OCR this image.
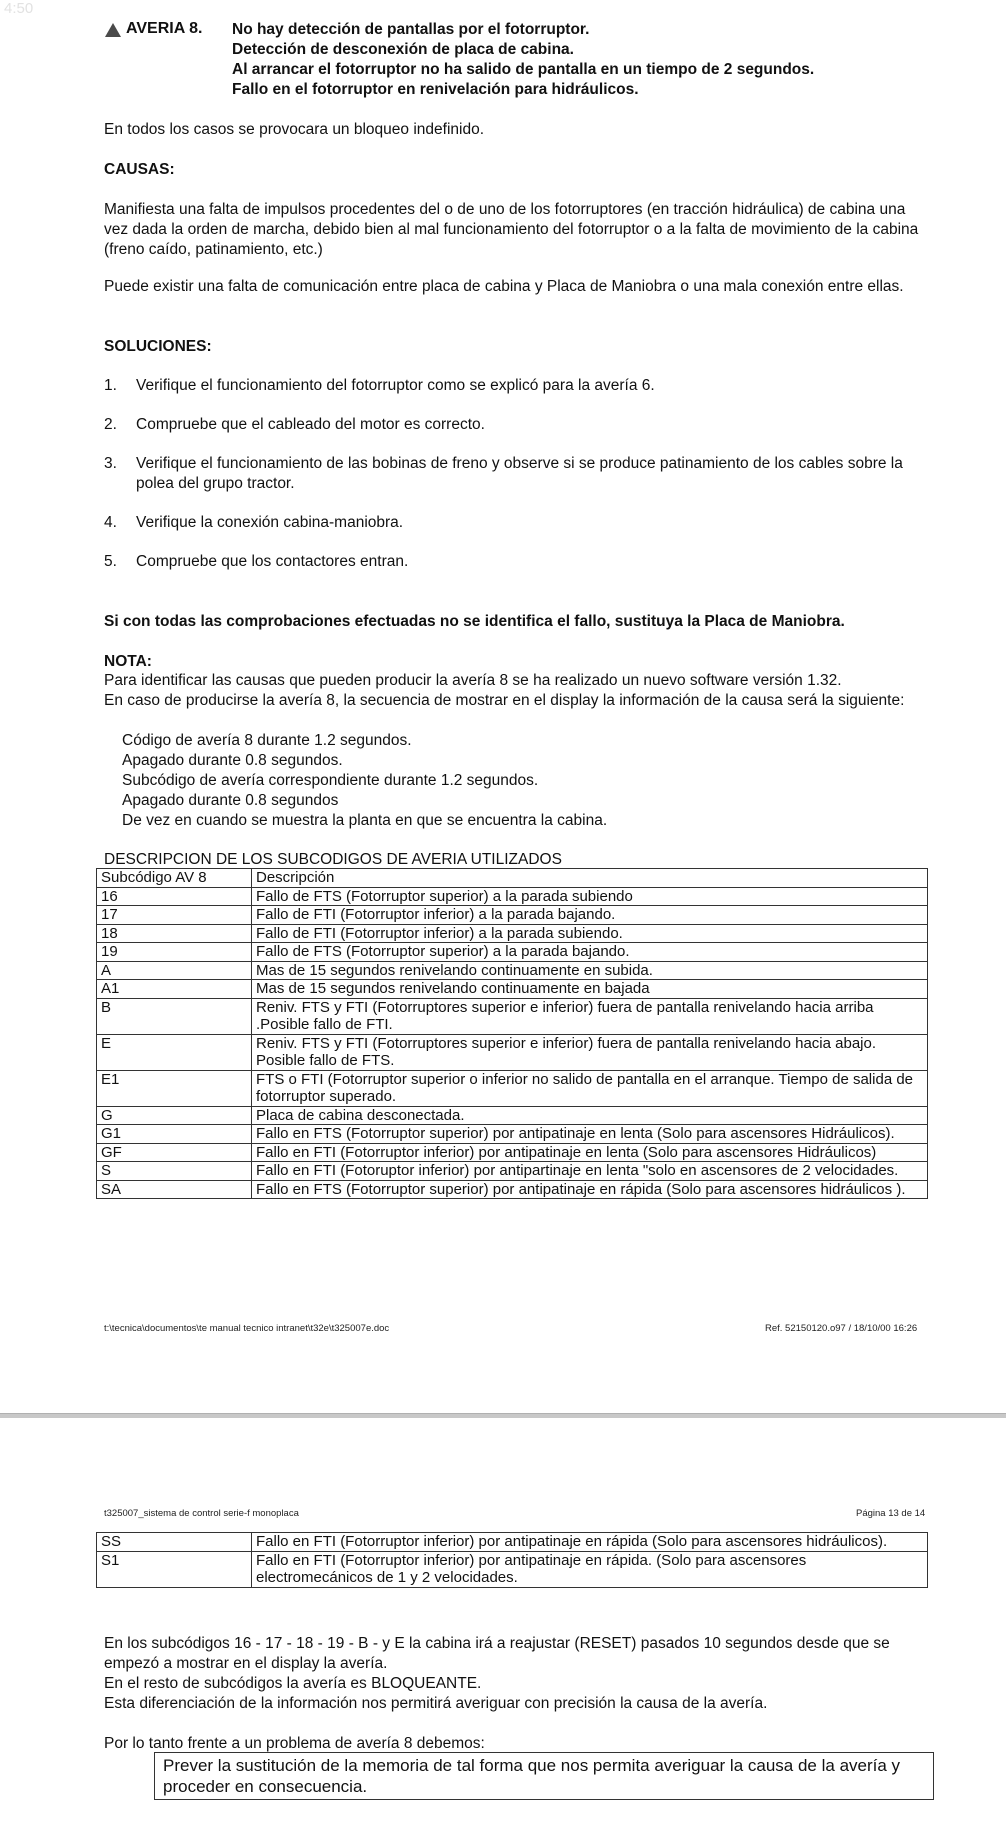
4:50
AVERIA 8. No hay detección de pantallas por el fotorruptor.
Detección de desconexión de placa de cabina.
Al arrancar el fotorruptor no ha salido de pantalla en un tiempo de 2 segundos.
Fallo en el fotorruptor en renivelación para hidráulicos.
En todos los casos se provocara un bloqueo indefinido.
CAUSAS:
Manifiesta una falta de impulsos procedentes del o de uno de los fotorruptores (en tracción hidráulica) de cabina una vez dada la orden de marcha, debido bien al mal funcionamiento del fotorruptor o a la falta de movimiento de la cabina (freno caído, patinamiento, etc.)
Puede existir una falta de comunicación entre placa de cabina y Placa de Maniobra o una mala conexión entre ellas.
SOLUCIONES:
1. Verifique el funcionamiento del fotorruptor como se explicó para la avería 6.
2. Compruebe que el cableado del motor es correcto.
3. Verifique el funcionamiento de las bobinas de freno y observe si se produce patinamiento de los cables sobre la polea del grupo tractor.
4. Verifique la conexión cabina-maniobra.
5. Compruebe que los contactores entran.
Si con todas las comprobaciones efectuadas no se identifica el fallo, sustituya la Placa de Maniobra.
NOTA:
Para identificar las causas que pueden producir la avería 8 se ha realizado un nuevo software versión 1.32.
En caso de producirse la avería 8, la secuencia de mostrar en el display la información de la causa será la siguiente:
Código de avería 8 durante 1.2 segundos.
Apagado durante 0.8 segundos.
Subcódigo de avería correspondiente durante 1.2 segundos.
Apagado durante 0.8 segundos
De vez en cuando se muestra la planta en que se encuentra la cabina.
DESCRIPCION DE LOS SUBCODIGOS DE AVERIA UTILIZADOS
Subcódigo AV 8	Descripción
16	Fallo de FTS (Fotorruptor superior) a la parada subiendo
17	Fallo de FTI (Fotorruptor inferior) a la parada bajando.
18	Fallo de FTI (Fotorruptor inferior) a la parada subiendo.
19	Fallo de FTS (Fotorruptor superior) a la parada bajando.
A	Mas de 15 segundos renivelando continuamente en subida.
A1	Mas de 15 segundos renivelando continuamente en bajada
B	Reniv. FTS y FTI (Fotorruptores superior e inferior) fuera de pantalla renivelando hacia arriba .Posible fallo de FTI.
E	Reniv. FTS y FTI (Fotorruptores superior e inferior) fuera de pantalla renivelando hacia abajo. Posible fallo de FTS.
E1	FTS o FTI (Fotorruptor superior o inferior no salido de pantalla en el arranque. Tiempo de salida de fotorruptor superado.
G	Placa de cabina desconectada.
G1	Fallo en FTS (Fotorruptor superior) por antipatinaje en lenta (Solo para ascensores Hidráulicos).
GF	Fallo en FTI (Fotorruptor inferior) por antipatinaje en lenta (Solo para ascensores Hidráulicos)
S	Fallo en FTI (Fotoruptor inferior) por antipartinaje en lenta "solo en ascensores de 2 velocidades.
SA	Fallo en FTS (Fotorruptor superior) por antipatinaje en rápida (Solo para ascensores hidráulicos ).
t:\tecnica\documentos\te manual tecnico intranet\t32e\t325007e.doc	Ref. 52150120.o97 / 18/10/00 16:26
t325007_sistema de control serie-f monoplaca	Página 13 de 14
SS	Fallo en FTI (Fotorruptor inferior) por antipatinaje en rápida (Solo para ascensores hidráulicos).
S1	Fallo en FTI (Fotorruptor inferior) por antipatinaje en rápida. (Solo para ascensores electromecánicos de 1 y 2 velocidades.
En los subcódigos 16 - 17 - 18 - 19 - B - y E la cabina irá a reajustar (RESET) pasados 10 segundos desde que se empezó a mostrar en el display la avería.
En el resto de subcódigos la avería es BLOQUEANTE.
Esta diferenciación de la información nos permitirá averiguar con precisión la causa de la avería.
Por lo tanto frente a un problema de avería 8 debemos:
Prever la sustitución de la memoria de tal forma que nos permita averiguar la causa de la avería y proceder en consecuencia.
